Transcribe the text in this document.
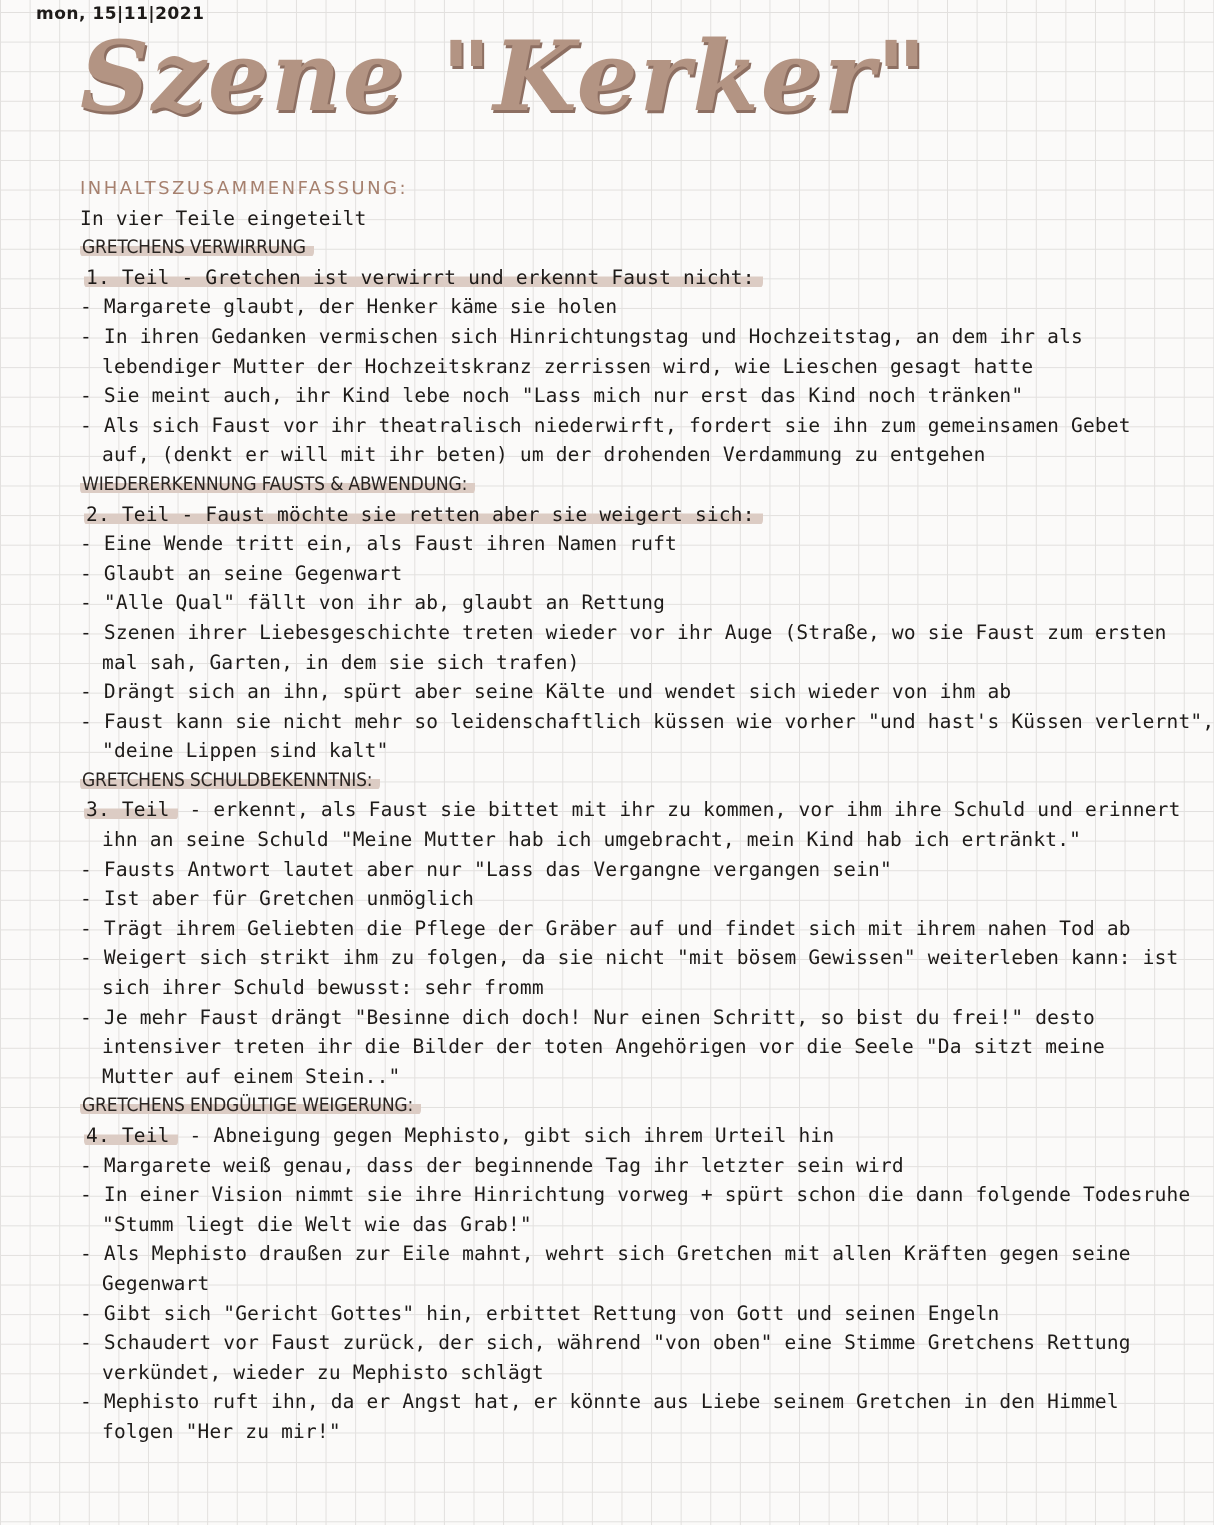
mon, 15|11|2021
Szene "Kerker"
INHALTSZUSAMMENFASSUNG:
In vier Teile eingeteilt
GRETCHENS VERWIRRUNG
1. Teil - Gretchen ist verwirrt und erkennt Faust nicht:
- Margarete glaubt, der Henker käme sie holen
- In ihren Gedanken vermischen sich Hinrichtungstag und Hochzeitstag, an dem ihr als
lebendiger Mutter der Hochzeitskranz zerrissen wird, wie Lieschen gesagt hatte
- Sie meint auch, ihr Kind lebe noch "Lass mich nur erst das Kind noch tränken"
- Als sich Faust vor ihr theatralisch niederwirft, fordert sie ihn zum gemeinsamen Gebet
auf, (denkt er will mit ihr beten) um der drohenden Verdammung zu entgehen
WIEDERERKENNUNG FAUSTS & ABWENDUNG:
2. Teil - Faust möchte sie retten aber sie weigert sich:
- Eine Wende tritt ein, als Faust ihren Namen ruft
- Glaubt an seine Gegenwart
- "Alle Qual" fällt von ihr ab, glaubt an Rettung
- Szenen ihrer Liebesgeschichte treten wieder vor ihr Auge (Straße, wo sie Faust zum ersten
mal sah, Garten, in dem sie sich trafen)
- Drängt sich an ihn, spürt aber seine Kälte und wendet sich wieder von ihm ab
- Faust kann sie nicht mehr so leidenschaftlich küssen wie vorher "und hast's Küssen verlernt",
"deine Lippen sind kalt"
GRETCHENS SCHULDBEKENNTNIS:
3. Teil - erkennt, als Faust sie bittet mit ihr zu kommen, vor ihm ihre Schuld und erinnert
ihn an seine Schuld "Meine Mutter hab ich umgebracht, mein Kind hab ich ertränkt."
- Fausts Antwort lautet aber nur "Lass das Vergangne vergangen sein"
- Ist aber für Gretchen unmöglich
- Trägt ihrem Geliebten die Pflege der Gräber auf und findet sich mit ihrem nahen Tod ab
- Weigert sich strikt ihm zu folgen, da sie nicht "mit bösem Gewissen" weiterleben kann: ist
sich ihrer Schuld bewusst: sehr fromm
- Je mehr Faust drängt "Besinne dich doch! Nur einen Schritt, so bist du frei!" desto
intensiver treten ihr die Bilder der toten Angehörigen vor die Seele "Da sitzt meine
Mutter auf einem Stein.."
GRETCHENS ENDGÜLTIGE WEIGERUNG:
4. Teil - Abneigung gegen Mephisto, gibt sich ihrem Urteil hin
- Margarete weiß genau, dass der beginnende Tag ihr letzter sein wird
- In einer Vision nimmt sie ihre Hinrichtung vorweg + spürt schon die dann folgende Todesruhe
"Stumm liegt die Welt wie das Grab!"
- Als Mephisto draußen zur Eile mahnt, wehrt sich Gretchen mit allen Kräften gegen seine
Gegenwart
- Gibt sich "Gericht Gottes" hin, erbittet Rettung von Gott und seinen Engeln
- Schaudert vor Faust zurück, der sich, während "von oben" eine Stimme Gretchens Rettung
verkündet, wieder zu Mephisto schlägt
- Mephisto ruft ihn, da er Angst hat, er könnte aus Liebe seinem Gretchen in den Himmel
folgen "Her zu mir!"
